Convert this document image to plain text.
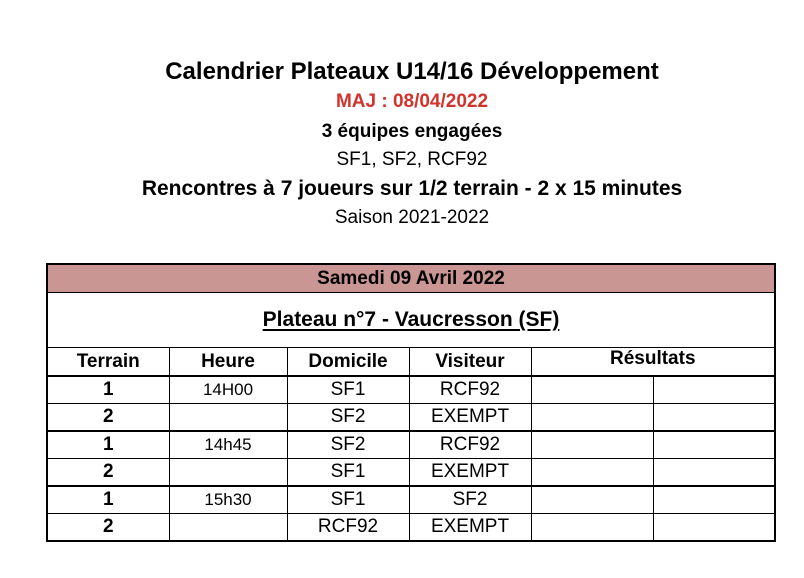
Calendrier Plateaux U14/16 Développement
MAJ : 08/04/2022
3 équipes engagées
SF1, SF2, RCF92
Rencontres à 7 joueurs sur 1/2 terrain - 2 x 15 minutes
Saison 2021-2022
Samedi 09 Avril 2022					
Plateau n°7 - Vaucresson (SF)					
Terrain	Heure	Domicile	Visiteur	Résultats	
1	14H00	SF1	RCF92		
2		SF2	EXEMPT		
1	14h45	SF2	RCF92		
2		SF1	EXEMPT		
1	15h30	SF1	SF2		
2		RCF92	EXEMPT		
